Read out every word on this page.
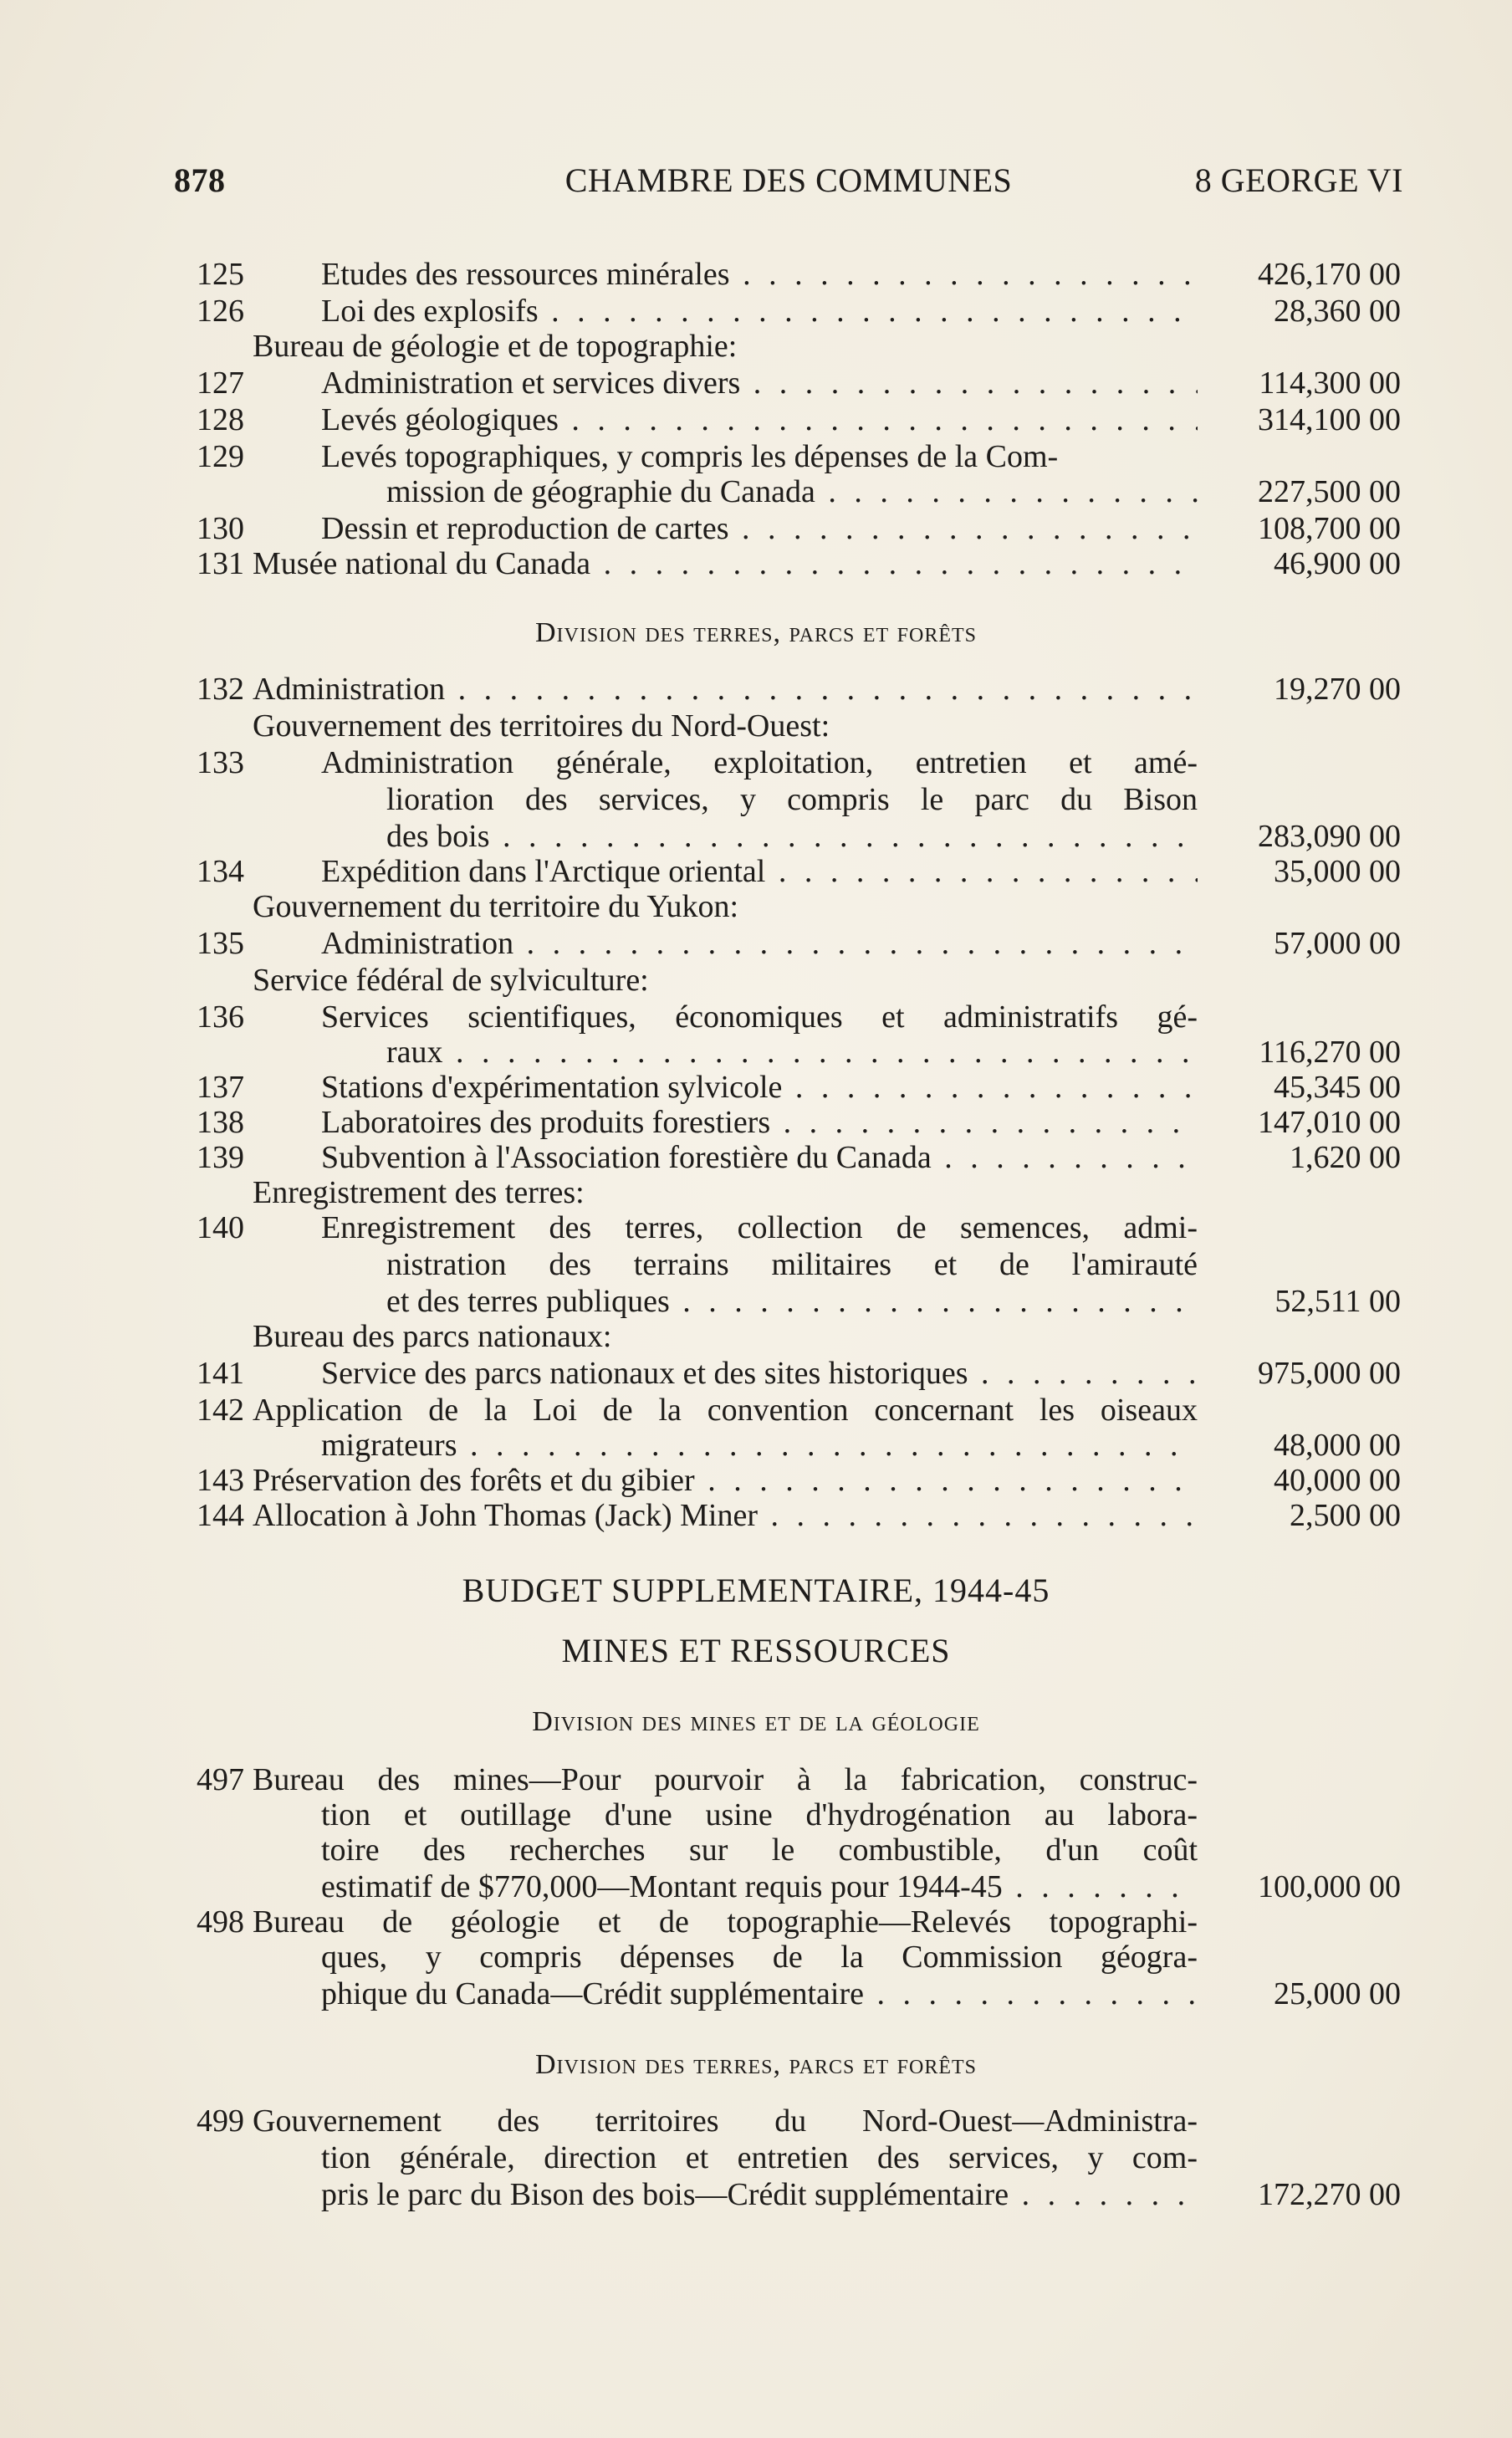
878	CHAMBRE DES COMMUNES	8 GEORGE VI
125 Etudes des ressources minérales . . .	426,170 00
126 Loi des explosifs . . .	28,360 00
Bureau de géologie et de topographie:
127 Administration et services divers . . .	114,300 00
128 Levés géologiques . . .	314,100 00
129 Levés topographiques, y compris les dépenses de la Com-
mission de géographie du Canada . . .	227,500 00
130 Dessin et reproduction de cartes . . .	108,700 00
131 Musée national du Canada . . .	46,900 00
Division des terres, parcs et forêts
132 Administration . . .	19,270 00
Gouvernement des territoires du Nord-Ouest:
133 Administration générale, exploitation, entretien et amé-
lioration des services, y compris le parc du Bison
des bois . . .	283,090 00
134 Expédition dans l'Arctique oriental . . .	35,000 00
Gouvernement du territoire du Yukon:
135 Administration . . .	57,000 00
Service fédéral de sylviculture:
136 Services scientifiques, économiques et administratifs gé-
raux . . .	116,270 00
137 Stations d'expérimentation sylvicole . . .	45,345 00
138 Laboratoires des produits forestiers . . .	147,010 00
139 Subvention à l'Association forestière du Canada . . .	1,620 00
Enregistrement des terres:
140 Enregistrement des terres, collection de semences, admi-
nistration des terrains militaires et de l'amirauté
et des terres publiques . . .	52,511 00
Bureau des parcs nationaux:
141 Service des parcs nationaux et des sites historiques . . .	975,000 00
142 Application de la Loi de la convention concernant les oiseaux
migrateurs . . .	48,000 00
143 Préservation des forêts et du gibier . . .	40,000 00
144 Allocation à John Thomas (Jack) Miner . . .	2,500 00
BUDGET SUPPLEMENTAIRE, 1944-45
MINES ET RESSOURCES
Division des mines et de la géologie
497 Bureau des mines—Pour pourvoir à la fabrication, construc-
tion et outillage d'une usine d'hydrogénation au labora-
toire des recherches sur le combustible, d'un coût
estimatif de $770,000—Montant requis pour 1944-45 . . .	100,000 00
498 Bureau de géologie et de topographie—Relevés topographi-
ques, y compris dépenses de la Commission géogra-
phique du Canada—Crédit supplémentaire . . .	25,000 00
Division des terres, parcs et forêts
499 Gouvernement des territoires du Nord-Ouest—Administra-
tion générale, direction et entretien des services, y com-
pris le parc du Bison des bois—Crédit supplémentaire . . .	172,270 00
